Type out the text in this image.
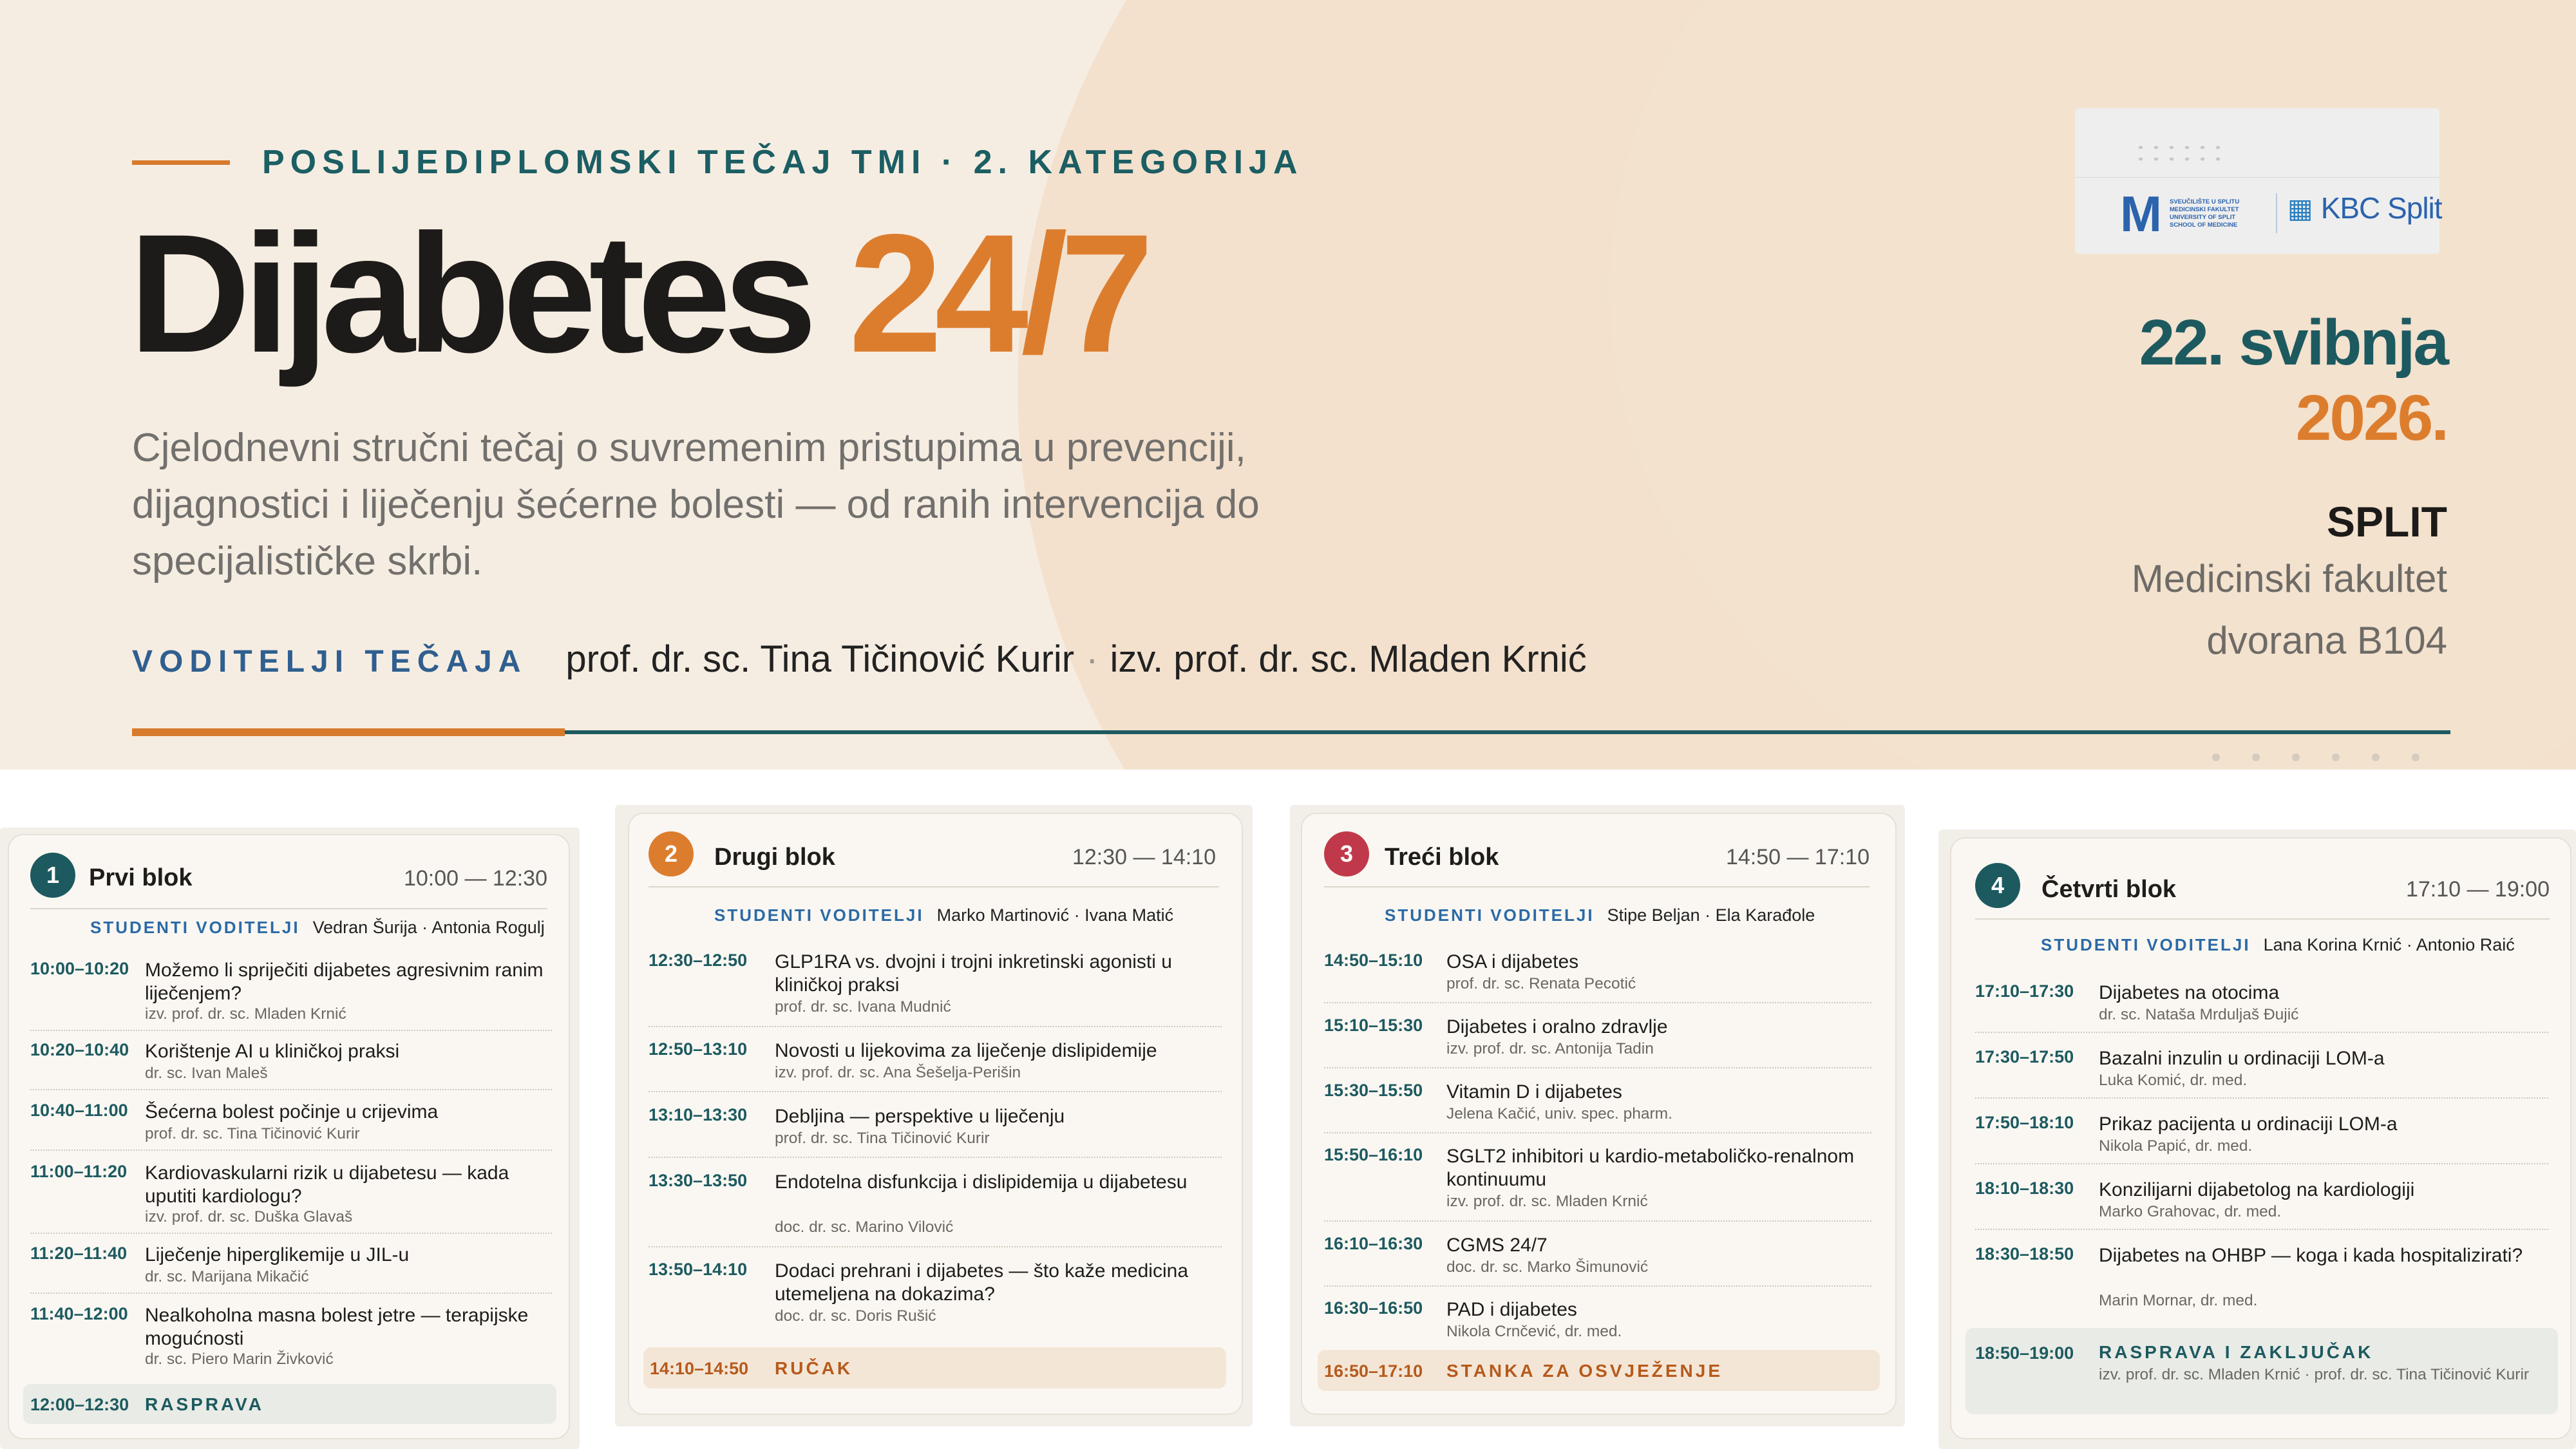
POSLIJEDIPLOMSKI TEČAJ TMI · 2. KATEGORIJA
Dijabetes 24/7

Cjelodnevni stručni tečaj o suvremenim pristupima u prevenciji, dijagnostici i liječenju šećerne bolesti — od ranih intervencija do specijalističke skrbi.

VODITELJI TEČAJA prof. dr. sc. Tina Tičinović Kurir · izv. prof. dr. sc. Mladen Krnić
M SVEUČILIŠTE U SPLITU
MEDICINSKI FAKULTET
UNIVERSITY OF SPLIT
SCHOOL OF MEDICINE
▦ KBC Split
22. svibnja
2026.
SPLIT
Medicinski fakultet
dvorana B104
1	Prvi blok	10:00 — 12:30
STUDENTI VODITELJI Vedran Šurija · Antonia Rogulj
10:00–10:20 Možemo li spriječiti dijabetes agresivnim ranim liječenjem?
izv. prof. dr. sc. Mladen Krnić
10:20–10:40 Korištenje AI u kliničkoj praksi
dr. sc. Ivan Maleš
10:40–11:00 Šećerna bolest počinje u crijevima
prof. dr. sc. Tina Tičinović Kurir
11:00–11:20 Kardiovaskularni rizik u dijabetesu — kada uputiti kardiologu?
izv. prof. dr. sc. Duška Glavaš
11:20–11:40 Liječenje hiperglikemije u JIL-u
dr. sc. Marijana Mikačić
11:40–12:00 Nealkoholna masna bolest jetre — terapijske mogućnosti
dr. sc. Piero Marin Živković
12:00–12:30 RASPRAVA
2	Drugi blok	12:30 — 14:10
STUDENTI VODITELJI Marko Martinović · Ivana Matić
12:30–12:50 GLP1RA vs. dvojni i trojni inkretinski agonisti u kliničkoj praksi
prof. dr. sc. Ivana Mudnić
12:50–13:10 Novosti u lijekovima za liječenje dislipidemije
izv. prof. dr. sc. Ana Šešelja-Perišin
13:10–13:30 Debljina — perspektive u liječenju
prof. dr. sc. Tina Tičinović Kurir
13:30–13:50 Endotelna disfunkcija i dislipidemija u dijabetesu
doc. dr. sc. Marino Vilović
13:50–14:10 Dodaci prehrani i dijabetes — što kaže medicina utemeljena na dokazima?
doc. dr. sc. Doris Rušić
14:10–14:50 RUČAK
3	Treći blok	14:50 — 17:10
STUDENTI VODITELJI Stipe Beljan · Ela Karađole
14:50–15:10 OSA i dijabetes
prof. dr. sc. Renata Pecotić
15:10–15:30 Dijabetes i oralno zdravlje
izv. prof. dr. sc. Antonija Tadin
15:30–15:50 Vitamin D i dijabetes
Jelena Kačić, univ. spec. pharm.
15:50–16:10 SGLT2 inhibitori u kardio-metaboličko-renalnom kontinuumu
izv. prof. dr. sc. Mladen Krnić
16:10–16:30 CGMS 24/7
doc. dr. sc. Marko Šimunović
16:30–16:50 PAD i dijabetes
Nikola Crnčević, dr. med.
16:50–17:10 STANKA ZA OSVJEŽENJE
4	Četvrti blok	17:10 — 19:00
STUDENTI VODITELJI Lana Korina Krnić · Antonio Raić
17:10–17:30 Dijabetes na otocima
dr. sc. Nataša Mrduljaš Đujić
17:30–17:50 Bazalni inzulin u ordinaciji LOM-a
Luka Komić, dr. med.
17:50–18:10 Prikaz pacijenta u ordinaciji LOM-a
Nikola Papić, dr. med.
18:10–18:30 Konzilijarni dijabetolog na kardiologiji
Marko Grahovac, dr. med.
18:30–18:50 Dijabetes na OHBP — koga i kada hospitalizirati?
Marin Mornar, dr. med.
18:50–19:00 RASPRAVA I ZAKLJUČAK
izv. prof. dr. sc. Mladen Krnić · prof. dr. sc. Tina Tičinović Kurir
